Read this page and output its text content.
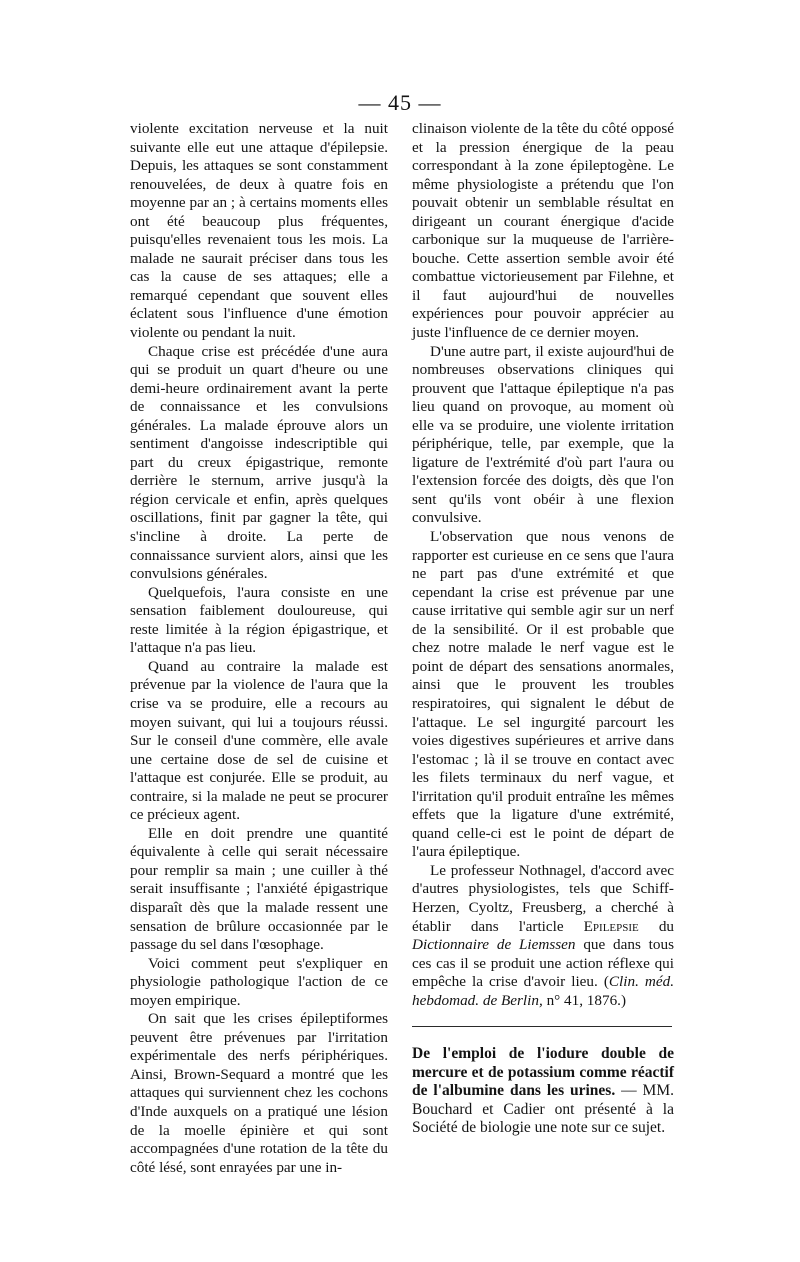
— 45 —

violente excitation nerveuse et la nuit suivante elle eut une attaque d'épilepsie. Depuis, les attaques se sont constamment renouvelées, de deux à quatre fois en moyenne par an ; à certains moments elles ont été beaucoup plus fréquentes, puisqu'elles revenaient tous les mois. La malade ne saurait préciser dans tous les cas la cause de ses attaques; elle a remarqué cependant que souvent elles éclatent sous l'influence d'une émotion violente ou pendant la nuit.

Chaque crise est précédée d'une aura qui se produit un quart d'heure ou une demi-heure ordinairement avant la perte de connaissance et les convulsions générales. La malade éprouve alors un sentiment d'angoisse indescriptible qui part du creux épigastrique, remonte derrière le sternum, arrive jusqu'à la région cervicale et enfin, après quelques oscillations, finit par gagner la tête, qui s'incline à droite. La perte de connaissance survient alors, ainsi que les convulsions générales.

Quelquefois, l'aura consiste en une sensation faiblement douloureuse, qui reste limitée à la région épigastrique, et l'attaque n'a pas lieu.

Quand au contraire la malade est prévenue par la violence de l'aura que la crise va se produire, elle a recours au moyen suivant, qui lui a toujours réussi. Sur le conseil d'une commère, elle avale une certaine dose de sel de cuisine et l'attaque est conjurée. Elle se produit, au contraire, si la malade ne peut se procurer ce précieux agent.

Elle en doit prendre une quantité équivalente à celle qui serait nécessaire pour remplir sa main ; une cuiller à thé serait insuffisante ; l'anxiété épigastrique disparaît dès que la malade ressent une sensation de brûlure occasionnée par le passage du sel dans l'œsophage.

Voici comment peut s'expliquer en physiologie pathologique l'action de ce moyen empirique.

On sait que les crises épileptiformes peuvent être prévenues par l'irritation expérimentale des nerfs périphériques. Ainsi, Brown-Sequard a montré que les attaques qui surviennent chez les cochons d'Inde auxquels on a pratiqué une lésion de la moelle épinière et qui sont accompagnées d'une rotation de la tête du côté lésé, sont enrayées par une in-

clinaison violente de la tête du côté opposé et la pression énergique de la peau correspondant à la zone épileptogène. Le même physiologiste a prétendu que l'on pouvait obtenir un semblable résultat en dirigeant un courant énergique d'acide carbonique sur la muqueuse de l'arrière-bouche. Cette assertion semble avoir été combattue victorieusement par Filehne, et il faut aujourd'hui de nouvelles expériences pour pouvoir apprécier au juste l'influence de ce dernier moyen.

D'une autre part, il existe aujourd'hui de nombreuses observations cliniques qui prouvent que l'attaque épileptique n'a pas lieu quand on provoque, au moment où elle va se produire, une violente irritation périphérique, telle, par exemple, que la ligature de l'extrémité d'où part l'aura ou l'extension forcée des doigts, dès que l'on sent qu'ils vont obéir à une flexion convulsive.

L'observation que nous venons de rapporter est curieuse en ce sens que l'aura ne part pas d'une extrémité et que cependant la crise est prévenue par une cause irritative qui semble agir sur un nerf de la sensibilité. Or il est probable que chez notre malade le nerf vague est le point de départ des sensations anormales, ainsi que le prouvent les troubles respiratoires, qui signalent le début de l'attaque. Le sel ingurgité parcourt les voies digestives supérieures et arrive dans l'estomac ; là il se trouve en contact avec les filets terminaux du nerf vague, et l'irritation qu'il produit entraîne les mêmes effets que la ligature d'une extrémité, quand celle-ci est le point de départ de l'aura épileptique.

Le professeur Nothnagel, d'accord avec d'autres physiologistes, tels que Schiff-Herzen, Cyoltz, Freusberg, a cherché à établir dans l'article Epilepsie du Dictionnaire de Liemssen que dans tous ces cas il se produit une action réflexe qui empêche la crise d'avoir lieu. (Clin. méd. hebdomad. de Berlin, n° 41, 1876.)

De l'emploi de l'iodure double de mercure et de potassium comme réactif de l'albumine dans les urines. — MM. Bouchard et Cadier ont présenté à la Société de biologie une note sur ce sujet.
